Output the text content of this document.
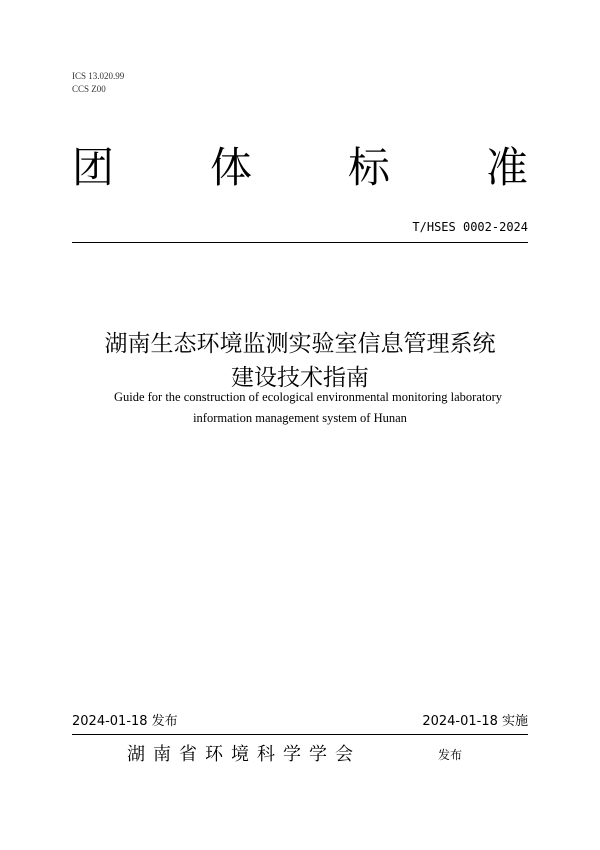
ICS 13.020.99
CCS Z00
团 体 标 准
T/HSES 0002-2024
湖南生态环境监测实验室信息管理系统
建设技术指南
Guide for the construction of ecological environmental monitoring laboratory
information management system of Hunan
2024-01-18 发布	2024-01-18 实施
湖南省环境科学学会	发布
